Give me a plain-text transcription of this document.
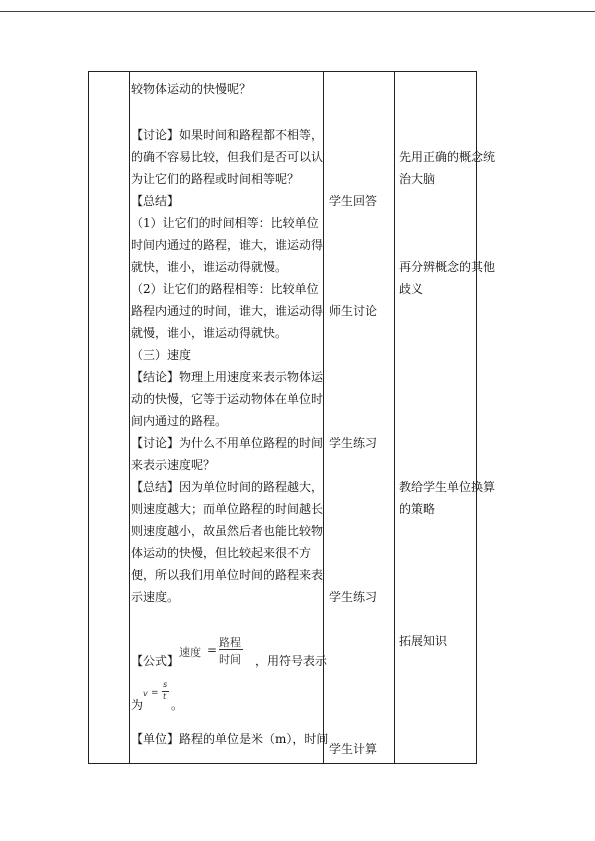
较物体运动的快慢呢？
【讨论】如果时间和路程都不相等，
的确不容易比较，但我们是否可以认
为让它们的路程或时间相等呢？
【总结】
（1）让它们的时间相等：比较单位
时间内通过的路程，谁大，谁运动得
就快，谁小，谁运动得就慢。
（2）让它们的路程相等：比较单位
路程内通过的时间，谁大，谁运动得
就慢，谁小，谁运动得就快。
（三）速度
【结论】物理上用速度来表示物体运
动的快慢，它等于运动物体在单位时
间内通过的路程。
【讨论】为什么不用单位路程的时间
来表示速度呢？
【总结】因为单位时间的路程越大，
则速度越大；而单位路程的时间越长
则速度越小，故虽然后者也能比较物
体运动的快慢，但比较起来很不方
便，所以我们用单位时间的路程来表
示速度。
【公式】
速度 =
路程
时间 ，用符号表示
为
v =
s
t
。
【单位】路程的单位是米（m），时间
学生回答
师生讨论
学生练习
学生练习
学生计算
先用正确的概念统
治大脑
再分辨概念的其他
歧义
教给学生单位换算
的策略
拓展知识
